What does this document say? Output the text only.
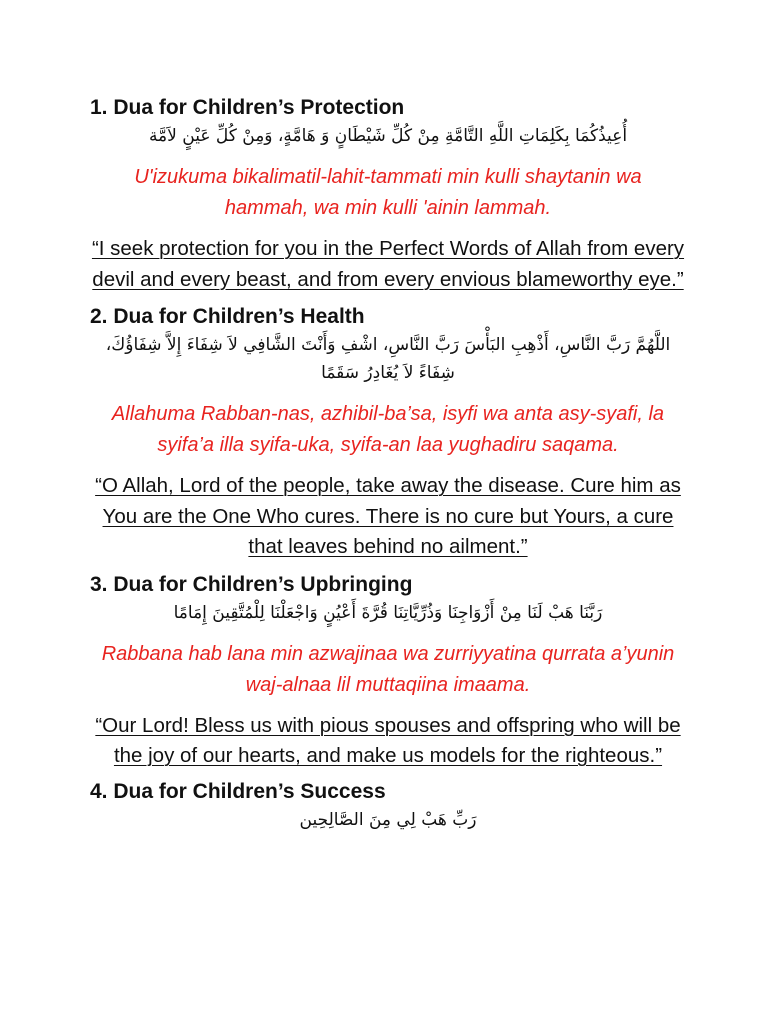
1. Dua for Children’s Protection

أُعِيذُكُمَا بِكَلِمَاتِ اللَّهِ التَّامَّةِ مِنْ كُلِّ شَيْطَانٍ وَ هَامَّةٍ، وَمِنْ كُلِّ عَيْنٍ لاَمَّة

U'izukuma bikalimatil-lahit-tammati min kulli shaytanin wa hammah, wa min kulli 'ainin lammah.

“I seek protection for you in the Perfect Words of Allah from every devil and every beast, and from every envious blameworthy eye.”

2. Dua for Children’s Health

اللَّهُمَّ رَبَّ النَّاسِ، أَذْهِبِ البَأْسَ رَبَّ النَّاسِ، اشْفِ وَأَنْتَ الشَّافِي لاَ شِفَاءَ إِلاَّ شِفَاؤُكَ، شِفَاءً لاَ يُغَادِرُ سَقَمًا

Allahuma Rabban-nas, azhibil-ba’sa, isyfi wa anta asy-syafi, la syifa’a illa syifa-uka, syifa-an laa yughadiru saqama.

“O Allah, Lord of the people, take away the disease. Cure him as You are the One Who cures. There is no cure but Yours, a cure that leaves behind no ailment.”

3. Dua for Children’s Upbringing

رَبَّنَا هَبْ لَنَا مِنْ أَزْوَاجِنَا وَذُرِّيَّاتِنَا قُرَّةَ أَعْيُنٍ وَاجْعَلْنَا لِلْمُتَّقِينَ إِمَامًا

Rabbana hab lana min azwajinaa wa zurriyyatina qurrata a’yunin waj-alnaa lil muttaqiina imaama.

“Our Lord! Bless us with pious spouses and offspring who will be the joy of our hearts, and make us models for the righteous.”

4. Dua for Children’s Success

رَبِّ هَبْ لِي مِنَ الصَّالِحِين
